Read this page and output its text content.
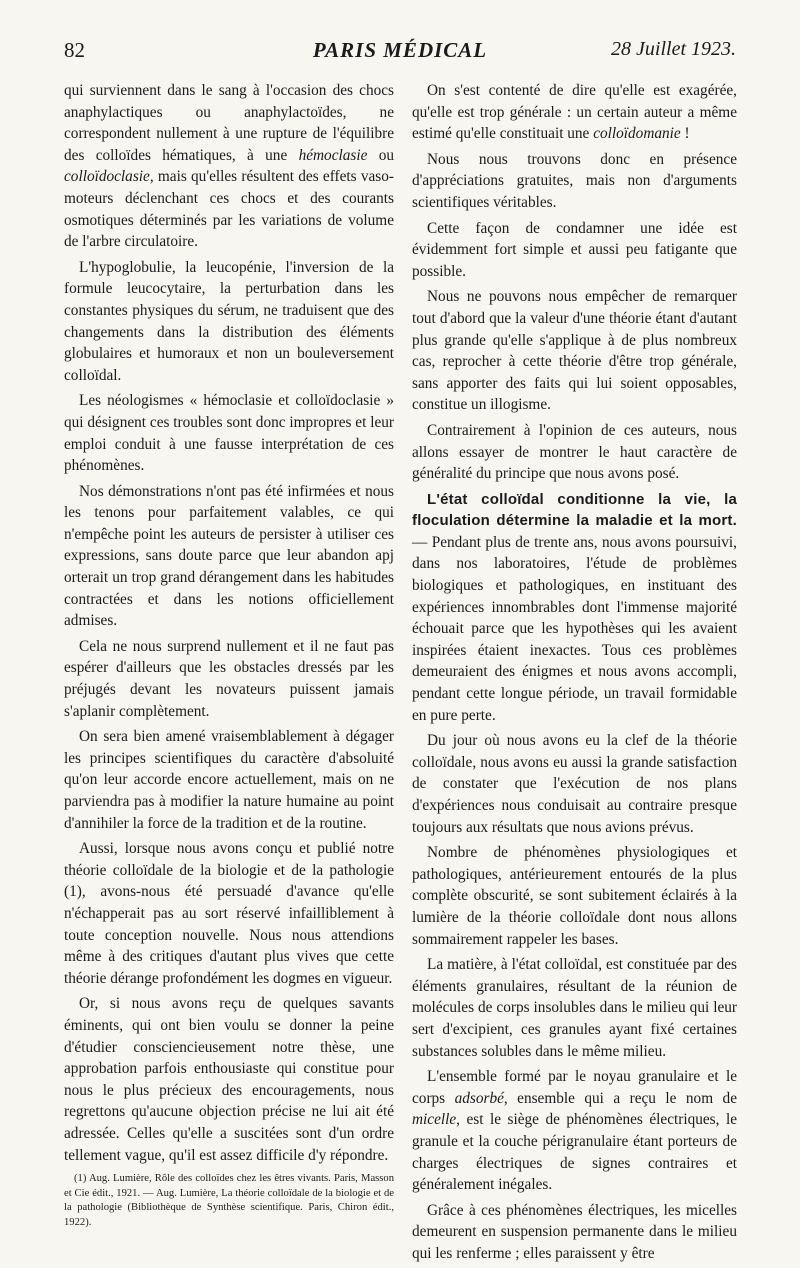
82	PARIS MÉDICAL	28 Juillet 1923.

qui surviennent dans le sang à l'occasion des chocs anaphylactiques ou anaphylactoïdes, ne correspondent nullement à une rupture de l'équilibre des colloïdes hématiques, à une hémoclasie ou colloïdoclasie, mais qu'elles résultent des effets vaso-moteurs déclenchant ces chocs et des courants osmotiques déterminés par les variations de volume de l'arbre circulatoire.

L'hypoglobulie, la leucopénie, l'inversion de la formule leucocytaire, la perturbation dans les constantes physiques du sérum, ne traduisent que des changements dans la distribution des éléments globulaires et humoraux et non un bouleversement colloïdal.

Les néologismes « hémoclasie et colloïdoclasie » qui désignent ces troubles sont donc impropres et leur emploi conduit à une fausse interprétation de ces phénomènes.

Nos démonstrations n'ont pas été infirmées et nous les tenons pour parfaitement valables, ce qui n'empêche point les auteurs de persister à utiliser ces expressions, sans doute parce que leur abandon apj orterait un trop grand dérangement dans les habitudes contractées et dans les notions officiellement admises.

Cela ne nous surprend nullement et il ne faut pas espérer d'ailleurs que les obstacles dressés par les préjugés devant les novateurs puissent jamais s'aplanir complètement.

On sera bien amené vraisemblablement à dégager les principes scientifiques du caractère d'absoluité qu'on leur accorde encore actuellement, mais on ne parviendra pas à modifier la nature humaine au point d'annihiler la force de la tradition et de la routine.

Aussi, lorsque nous avons conçu et publié notre théorie colloïdale de la biologie et de la pathologie (1), avons-nous été persuadé d'avance qu'elle n'échapperait pas au sort réservé infailliblement à toute conception nouvelle. Nous nous attendions même à des critiques d'autant plus vives que cette théorie dérange profondément les dogmes en vigueur.

Or, si nous avons reçu de quelques savants éminents, qui ont bien voulu se donner la peine d'étudier consciencieusement notre thèse, une approbation parfois enthousiaste qui constitue pour nous le plus précieux des encouragements, nous regrettons qu'aucune objection précise ne lui ait été adressée. Celles qu'elle a suscitées sont d'un ordre tellement vague, qu'il est assez difficile d'y répondre.

(1) Aug. Lumière, Rôle des colloïdes chez les êtres vivants. Paris, Masson et Cie édit., 1921. — Aug. Lumière, La théorie colloïdale de la biologie et de la pathologie (Bibliothèque de Synthèse scientifique. Paris, Chiron édit., 1922).

On s'est contenté de dire qu'elle est exagérée, qu'elle est trop générale : un certain auteur a même estimé qu'elle constituait une colloïdomanie !

Nous nous trouvons donc en présence d'appréciations gratuites, mais non d'arguments scientifiques véritables.

Cette façon de condamner une idée est évidemment fort simple et aussi peu fatigante que possible.

Nous ne pouvons nous empêcher de remarquer tout d'abord que la valeur d'une théorie étant d'autant plus grande qu'elle s'applique à de plus nombreux cas, reprocher à cette théorie d'être trop générale, sans apporter des faits qui lui soient opposables, constitue un illogisme.

Contrairement à l'opinion de ces auteurs, nous allons essayer de montrer le haut caractère de généralité du principe que nous avons posé.

L'état colloïdal conditionne la vie, la floculation détermine la maladie et la mort. — Pendant plus de trente ans, nous avons poursuivi, dans nos laboratoires, l'étude de problèmes biologiques et pathologiques, en instituant des expériences innombrables dont l'immense majorité échouait parce que les hypothèses qui les avaient inspirées étaient inexactes. Tous ces problèmes demeuraient des énigmes et nous avons accompli, pendant cette longue période, un travail formidable en pure perte.

Du jour où nous avons eu la clef de la théorie colloïdale, nous avons eu aussi la grande satisfaction de constater que l'exécution de nos plans d'expériences nous conduisait au contraire presque toujours aux résultats que nous avions prévus.

Nombre de phénomènes physiologiques et pathologiques, antérieurement entourés de la plus complète obscurité, se sont subitement éclairés à la lumière de la théorie colloïdale dont nous allons sommairement rappeler les bases.

La matière, à l'état colloïdal, est constituée par des éléments granulaires, résultant de la réunion de molécules de corps insolubles dans le milieu qui leur sert d'excipient, ces granules ayant fixé certaines substances solubles dans le même milieu.

L'ensemble formé par le noyau granulaire et le corps adsorbé, ensemble qui a reçu le nom de micelle, est le siège de phénomènes électriques, le granule et la couche périgranulaire étant porteurs de charges électriques de signes contraires et généralement inégales.

Grâce à ces phénomènes électriques, les micelles demeurent en suspension permanente dans le milieu qui les renferme ; elles paraissent y être
